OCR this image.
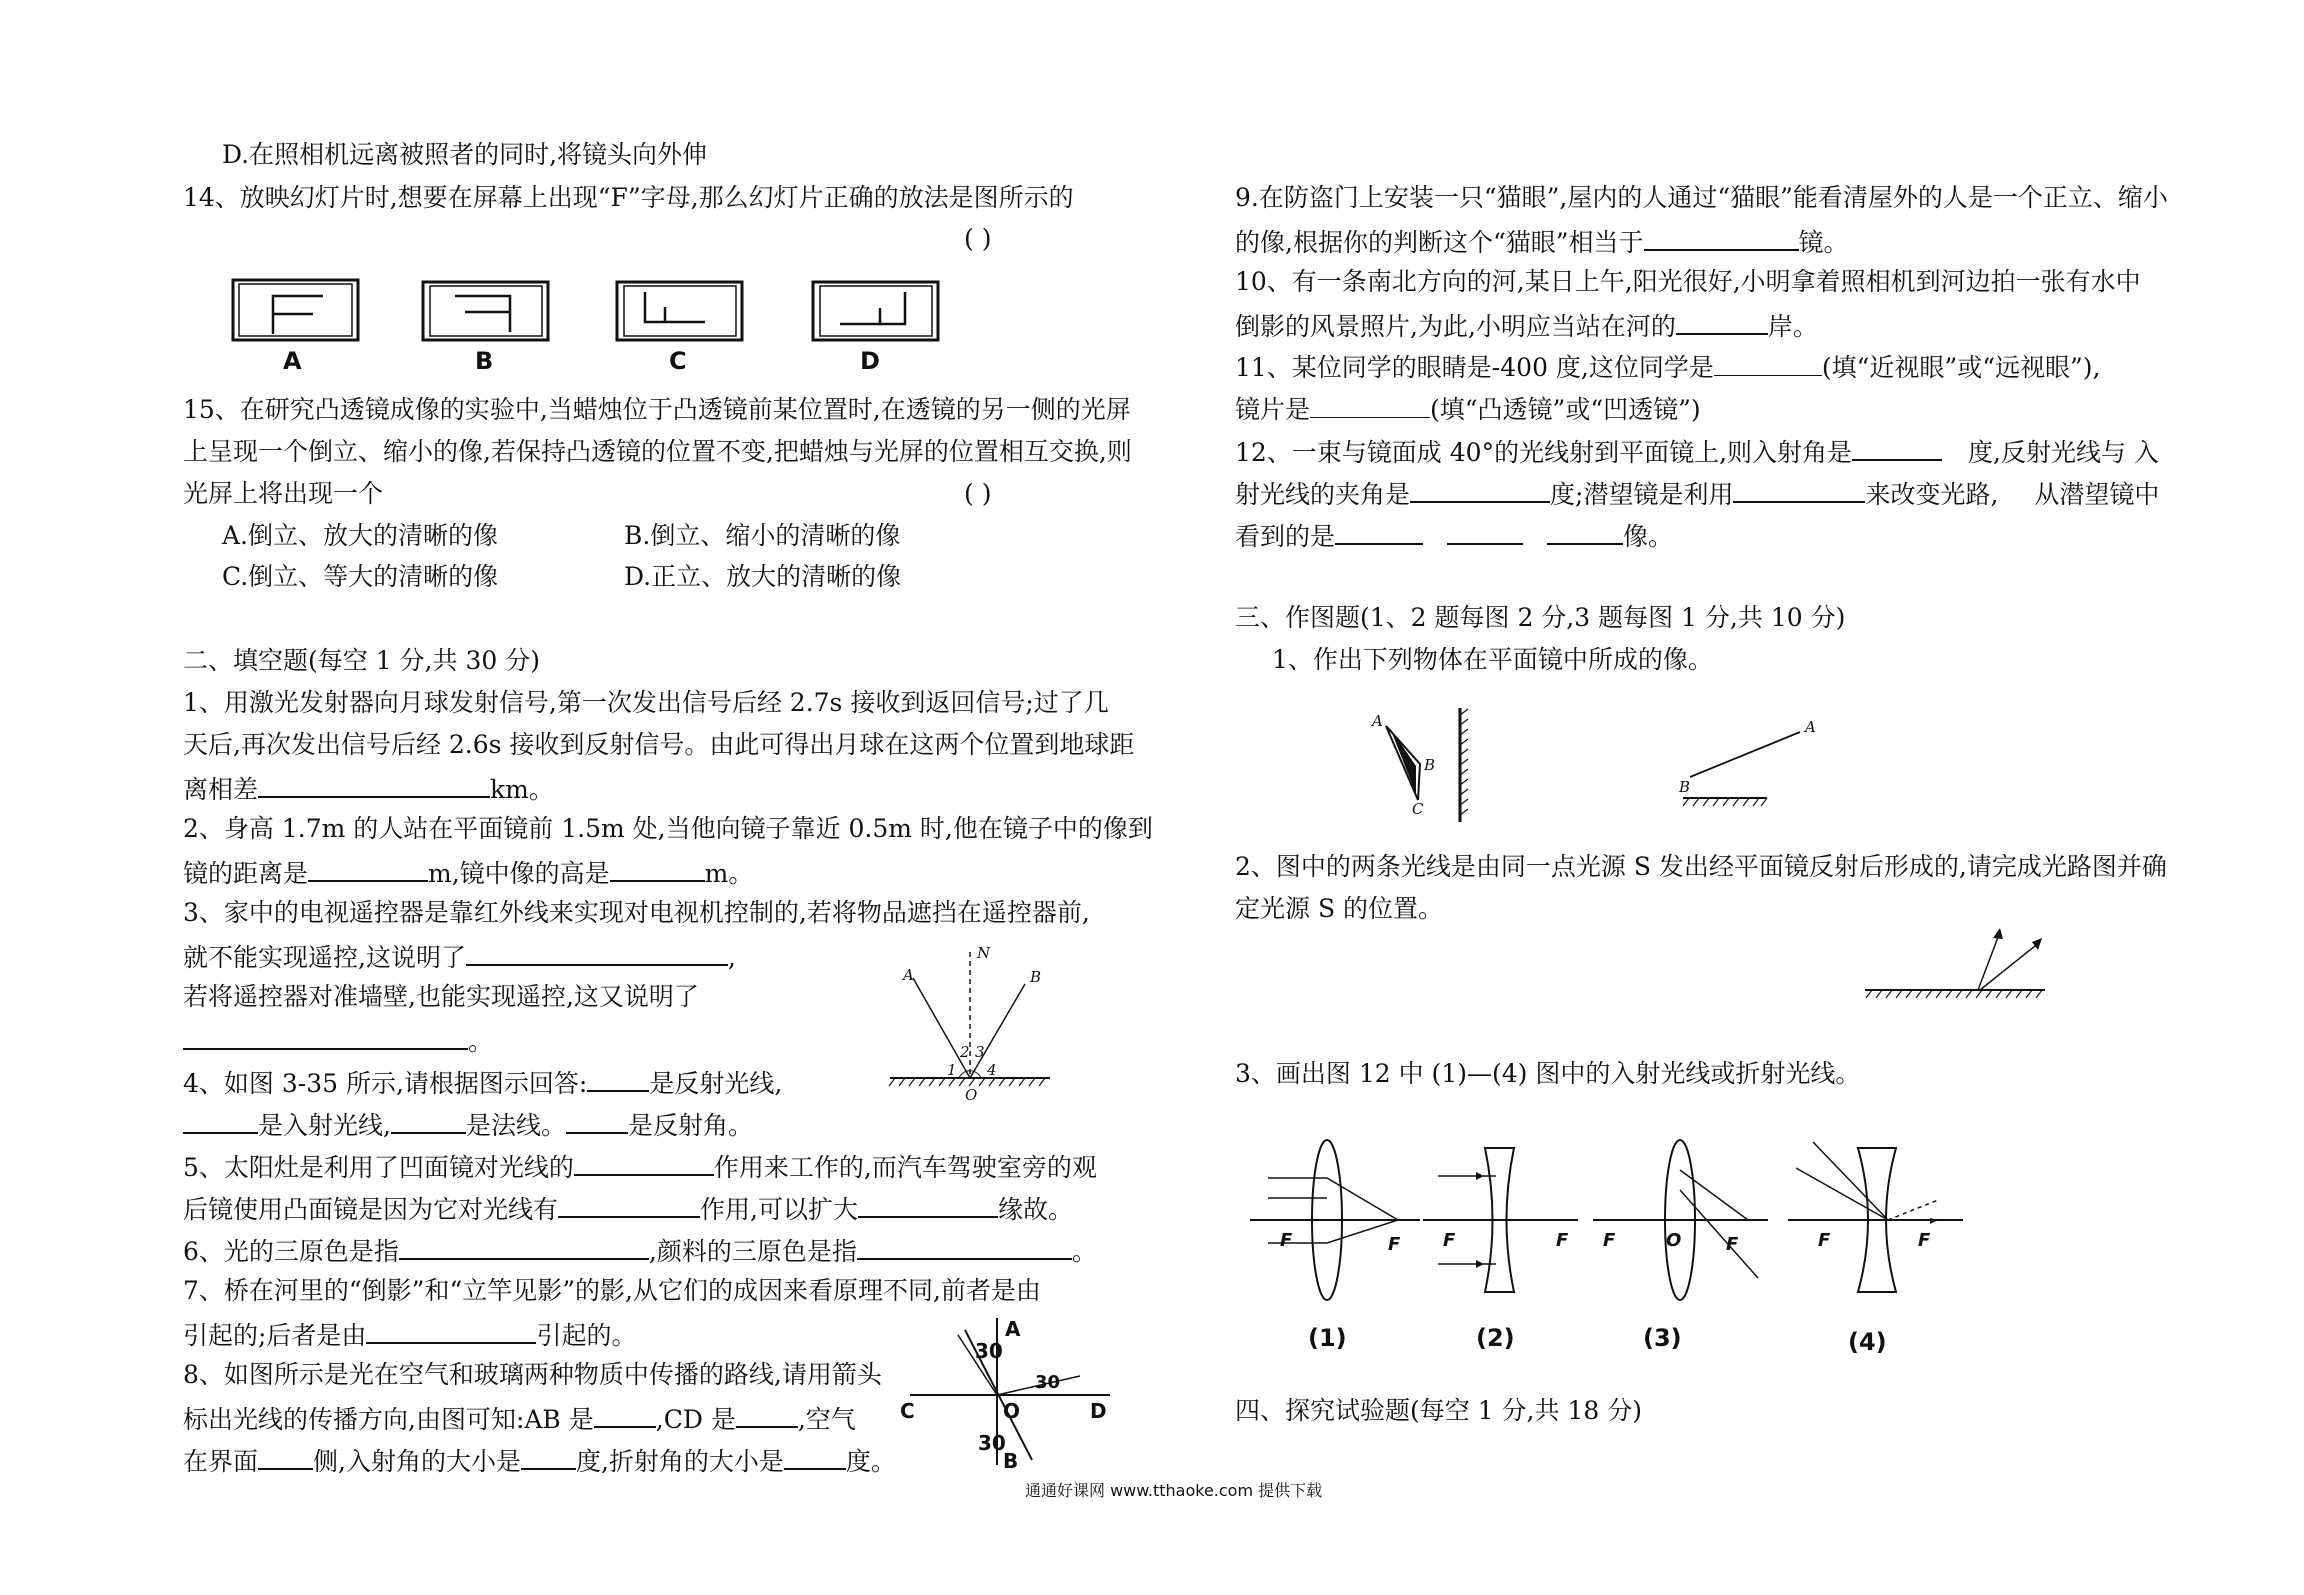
D.在照相机远离被照者的同时,将镜头向外伸
14、放映幻灯片时,想要在屏幕上出现“F”字母,那么幻灯片正确的放法是图所示的
( )
A	B	C	D
15、在研究凸透镜成像的实验中,当蜡烛位于凸透镜前某位置时,在透镜的另一侧的光屏
上呈现一个倒立、缩小的像,若保持凸透镜的位置不变,把蜡烛与光屏的位置相互交换,则
光屏上将出现一个	( )
A.倒立、放大的清晰的像	B.倒立、缩小的清晰的像
C.倒立、等大的清晰的像	D.正立、放大的清晰的像
二、填空题(每空 1 分,共 30 分)
1、用激光发射器向月球发射信号,第一次发出信号后经 2.7s 接收到返回信号;过了几
天后,再次发出信号后经 2.6s 接收到反射信号。由此可得出月球在这两个位置到地球距
离相差	km。
2、身高 1.7m 的人站在平面镜前 1.5m 处,当他向镜子靠近 0.5m 时,他在镜子中的像到
镜的距离是	m,镜中像的高是	m。
3、家中的电视遥控器是靠红外线来实现对电视机控制的,若将物品遮挡在遥控器前,
就不能实现遥控,这说明了	,
若将遥控器对准墙壁,也能实现遥控,这又说明了
。
4、如图 3-35 所示,请根据图示回答: 是反射光线,
是入射光线,	是法线。 是反射角。
A
N
B
O
1
2 3
4
5、太阳灶是利用了凹面镜对光线的	作用来工作的,而汽车驾驶室旁的观
后镜使用凸面镜是因为它对光线有	作用,可以扩大	缘故。
6、光的三原色是指	,颜料的三原色是指	。
7、桥在河里的“倒影”和“立竿见影”的影,从它们的成因来看原理不同,前者是由
引起的;后者是由	引起的。
8、如图所示是光在空气和玻璃两种物质中传播的路线,请用箭头
标出光线的传播方向,由图可知:AB 是 ,CD 是 ,空气
在界面 侧,入射角的大小是 度,折射角的大小是 度。
A
B
C	D
O
30
30
30
9.在防盗门上安装一只“猫眼”,屋内的人通过“猫眼”能看清屋外的人是一个正立、缩小
的像,根据你的判断这个“猫眼”相当于	镜。
10、有一条南北方向的河,某日上午,阳光很好,小明拿着照相机到河边拍一张有水中
倒影的风景照片,为此,小明应当站在河的	岸。
11、某位同学的眼睛是-400 度,这位同学是	(填“近视眼”或“远视眼”),
镜片是	(填“凸透镜”或“凹透镜”)
12、一束与镜面成 40°的光线射到平面镜上,则入射角是	度,反射光线与 入
射光线的夹角是	度;潜望镜是利用	来改变光路, 从潜望镜中
看到的是	像。
三、作图题(1、2 题每图 2 分,3 题每图 1 分,共 10 分)
1、作出下列物体在平面镜中所成的像。
A
B
C
A
B
2、图中的两条光线是由同一点光源 S 发出经平面镜反射后形成的,请完成光路图并确
定光源 S 的位置。
3、画出图 12 中 (1)—(4) 图中的入射光线或折射光线。
F	F
(1)
F	F
(2)
F	O F
(3)
F	F
(4)
四、探究试验题(每空 1 分,共 18 分)
通通好课网 www.tthaoke.com 提供下载
